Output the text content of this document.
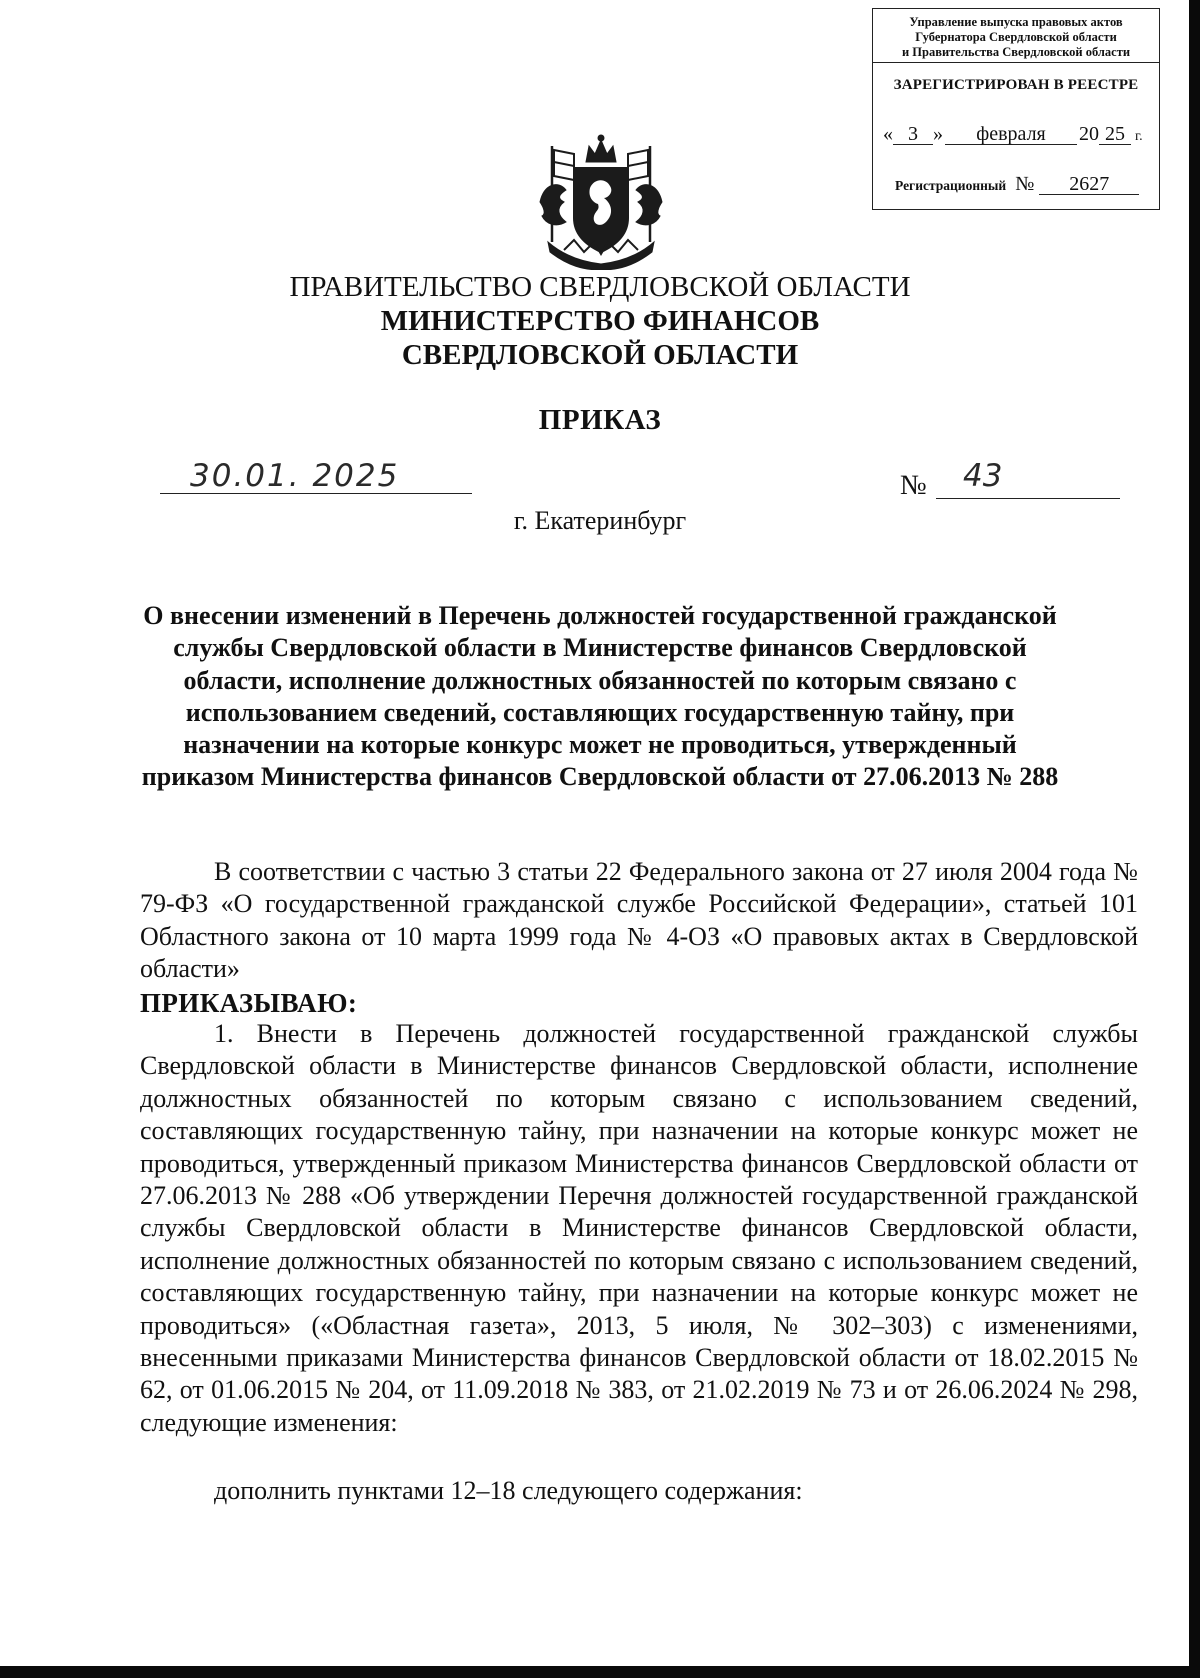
Управление выпуска правовых актов
Губернатора Свердловской области
и Правительства Свердловской области
ЗАРЕГИСТРИРОВАН В РЕЕСТРЕ
« 3 » февраля 20 25 г.
Регистрационный № 2627
ПРАВИТЕЛЬСТВО СВЕРДЛОВСКОЙ ОБЛАСТИ
МИНИСТЕРСТВО ФИНАНСОВ
СВЕРДЛОВСКОЙ ОБЛАСТИ
ПРИКАЗ
30.01. 2025	№ 43
г. Екатеринбург
О внесении изменений в Перечень должностей государственной гражданской службы Свердловской области в Министерстве финансов Свердловской области, исполнение должностных обязанностей по которым связано с использованием сведений, составляющих государственную тайну, при назначении на которые конкурс может не проводиться, утвержденный приказом Министерства финансов Свердловской области от 27.06.2013 № 288
В соответствии с частью 3 статьи 22 Федерального закона от 27 июля 2004 года № 79-ФЗ «О государственной гражданской службе Российской Федерации», статьей 101 Областного закона от 10 марта 1999 года № 4-ОЗ «О правовых актах в Свердловской области»
ПРИКАЗЫВАЮ:
1. Внести в Перечень должностей государственной гражданской службы Свердловской области в Министерстве финансов Свердловской области, исполнение должностных обязанностей по которым связано с использованием сведений, составляющих государственную тайну, при назначении на которые конкурс может не проводиться, утвержденный приказом Министерства финансов Свердловской области от 27.06.2013 № 288 «Об утверждении Перечня должностей государственной гражданской службы Свердловской области в Министерстве финансов Свердловской области, исполнение должностных обязанностей по которым связано с использованием сведений, составляющих государственную тайну, при назначении на которые конкурс может не проводиться» («Областная газета», 2013, 5 июля, № 302–303) с изменениями, внесенными приказами Министерства финансов Свердловской области от 18.02.2015 № 62, от 01.06.2015 № 204, от 11.09.2018 № 383, от 21.02.2019 № 73 и от 26.06.2024 № 298, следующие изменения:
дополнить пунктами 12–18 следующего содержания:
